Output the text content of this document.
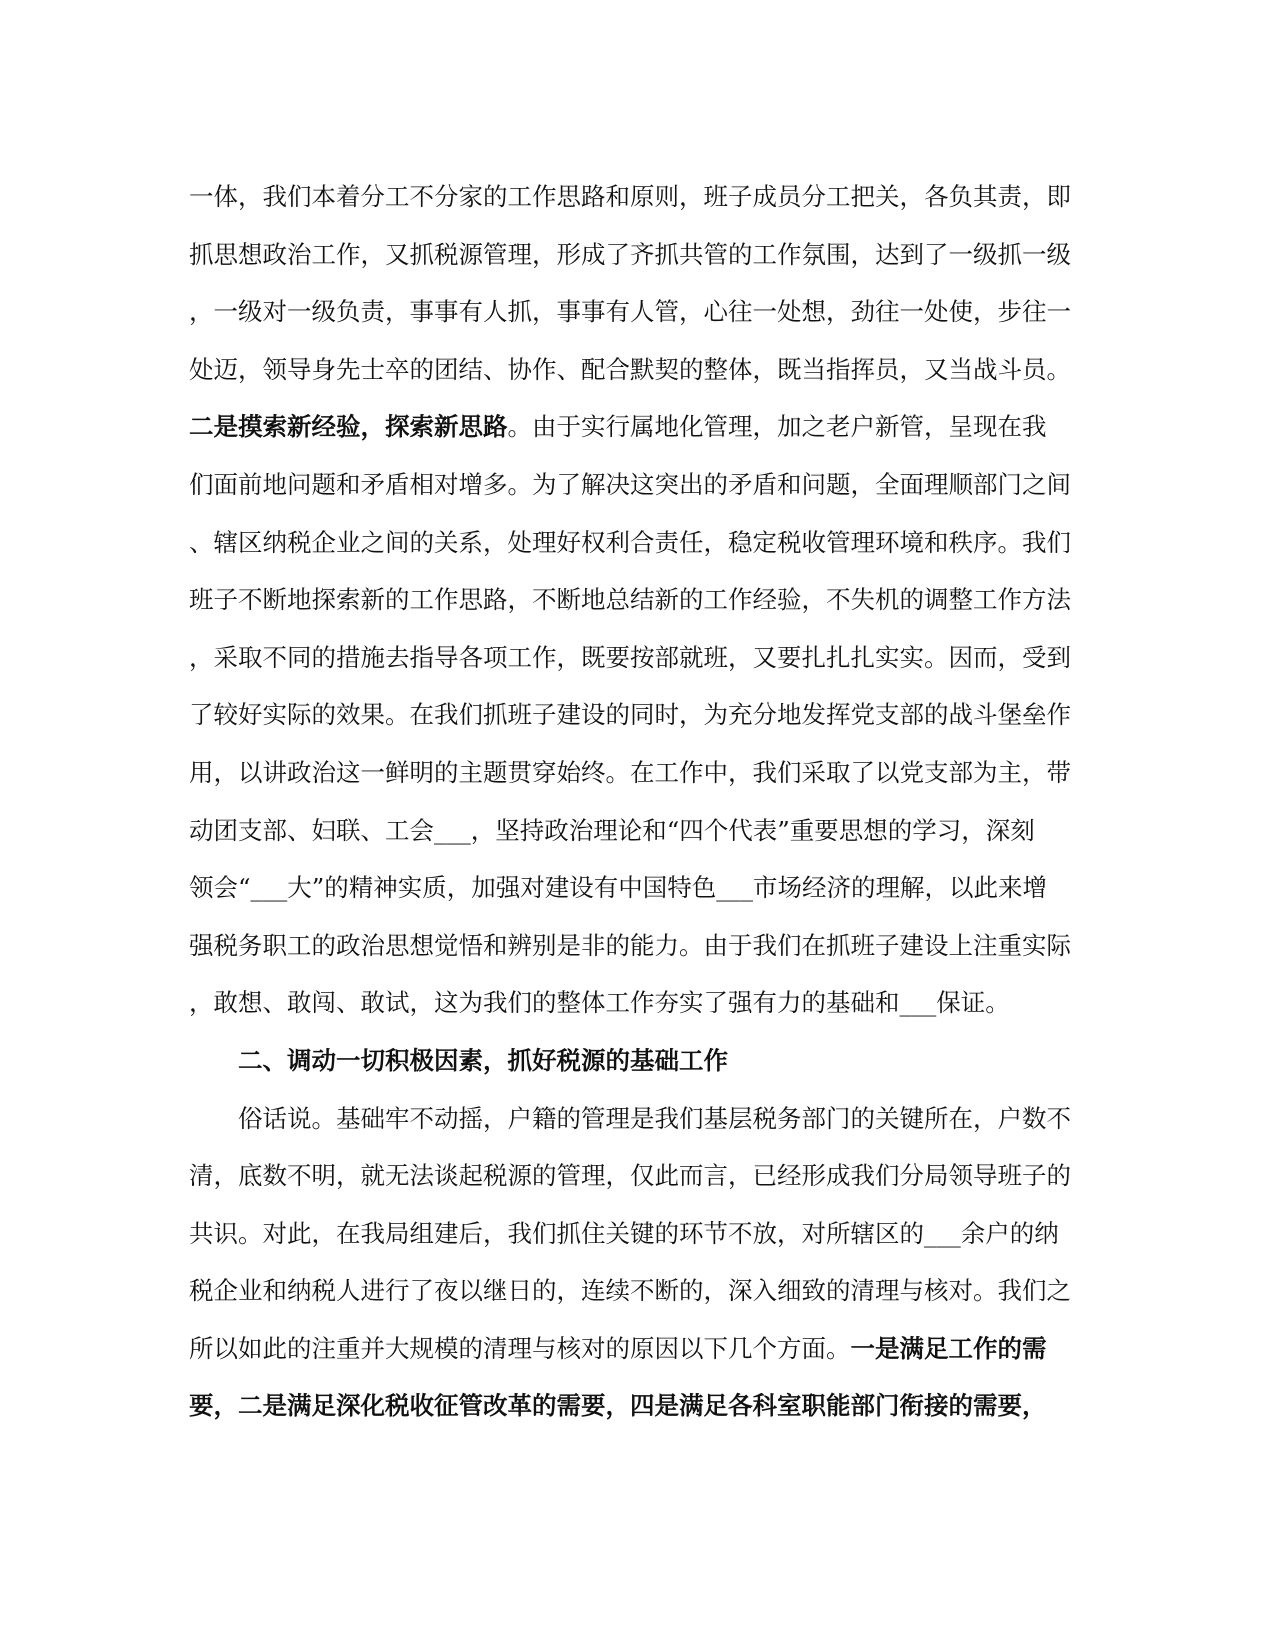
一体，我们本着分工不分家的工作思路和原则，班子成员分工把关，各负其责，即
抓思想政治工作，又抓税源管理，形成了齐抓共管的工作氛围，达到了一级抓一级
，一级对一级负责，事事有人抓，事事有人管，心往一处想，劲往一处使，步往一
处迈，领导身先士卒的团结、协作、配合默契的整体，既当指挥员，又当战斗员。
二是摸索新经验，探索新思路。由于实行属地化管理，加之老户新管，呈现在我
们面前地问题和矛盾相对增多。为了解决这突出的矛盾和问题，全面理顺部门之间
、辖区纳税企业之间的关系，处理好权利合责任，稳定税收管理环境和秩序。我们
班子不断地探索新的工作思路，不断地总结新的工作经验，不失机的调整工作方法
，采取不同的措施去指导各项工作，既要按部就班，又要扎扎扎实实。因而，受到
了较好实际的效果。在我们抓班子建设的同时，为充分地发挥党支部的战斗堡垒作
用，以讲政治这一鲜明的主题贯穿始终。在工作中，我们采取了以党支部为主，带
动团支部、妇联、工会___，坚持政治理论和“四个代表”重要思想的学习，深刻
领会“___大”的精神实质，加强对建设有中国特色___市场经济的理解，以此来增
强税务职工的政治思想觉悟和辨别是非的能力。由于我们在抓班子建设上注重实际
，敢想、敢闯、敢试，这为我们的整体工作夯实了强有力的基础和___保证。
二、调动一切积极因素，抓好税源的基础工作
俗话说。基础牢不动摇，户籍的管理是我们基层税务部门的关键所在，户数不
清，底数不明，就无法谈起税源的管理，仅此而言，已经形成我们分局领导班子的
共识。对此，在我局组建后，我们抓住关键的环节不放，对所辖区的___余户的纳
税企业和纳税人进行了夜以继日的，连续不断的，深入细致的清理与核对。我们之
所以如此的注重并大规模的清理与核对的原因以下几个方面。一是满足工作的需
要，二是满足深化税收征管改革的需要，四是满足各科室职能部门衔接的需要，
